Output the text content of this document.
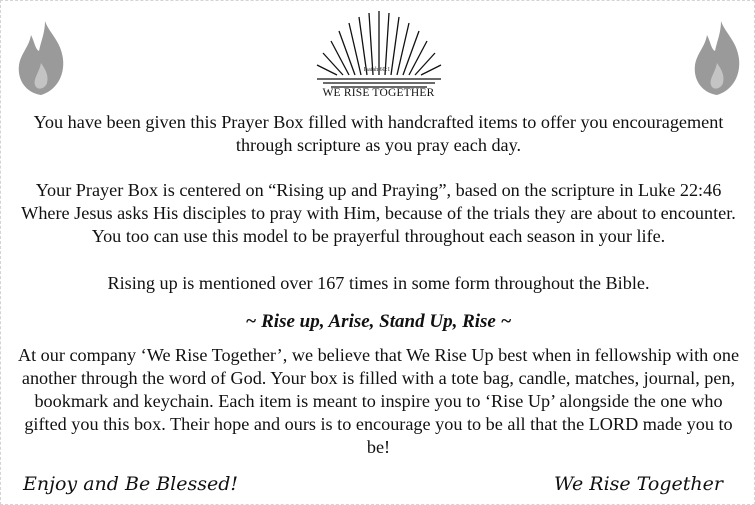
Isaiah 60:1
WE RISE TOGETHER

You have been given this Prayer Box filled with handcrafted items to offer you encouragement through scripture as you pray each day.

Your Prayer Box is centered on “Rising up and Praying”, based on the scripture in Luke 22:46 Where Jesus asks His disciples to pray with Him, because of the trials they are about to encounter. You too can use this model to be prayerful throughout each season in your life.

Rising up is mentioned over 167 times in some form throughout the Bible.

~ Rise up, Arise, Stand Up, Rise ~

At our company ‘We Rise Together’, we believe that We Rise Up best when in fellowship with one another through the word of God. Your box is filled with a tote bag, candle, matches, journal, pen, bookmark and keychain. Each item is meant to inspire you to ‘Rise Up’ alongside the one who gifted you this box. Their hope and ours is to encourage you to be all that the LORD made you to be!

Enjoy and Be Blessed!	We Rise Together
